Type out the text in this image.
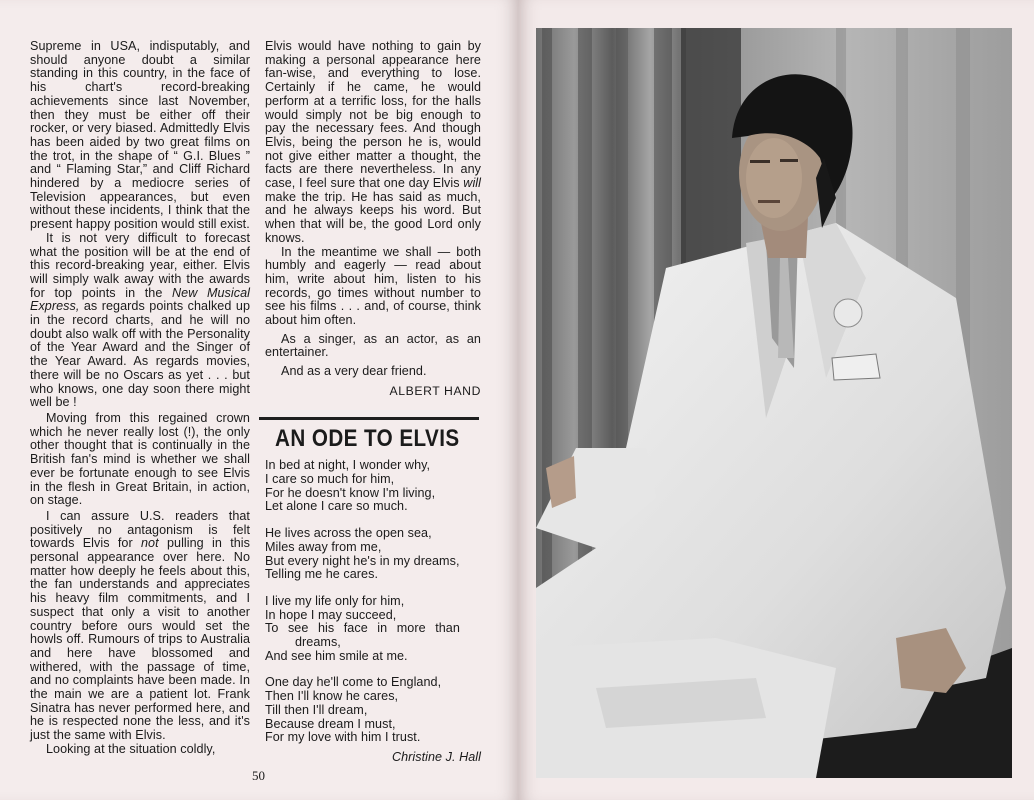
Supreme in USA, indisputably, and should anyone doubt a similar standing in this country, in the face of his chart's record-breaking achievements since last November, then they must be either off their rocker, or very biased. Admittedly Elvis has been aided by two great films on the trot, in the shape of “ G.I. Blues ” and “ Flaming Star,” and Cliff Richard hindered by a mediocre series of Television appearances, but even without these incidents, I think that the present happy position would still exist.

It is not very difficult to forecast what the position will be at the end of this record-breaking year, either. Elvis will simply walk away with the awards for top points in the New Musical Express, as regards points chalked up in the record charts, and he will no doubt also walk off with the Personality of the Year Award and the Singer of the Year Award. As regards movies, there will be no Oscars as yet . . . but who knows, one day soon there might well be !

Moving from this regained crown which he never really lost (!), the only other thought that is continually in the British fan's mind is whether we shall ever be fortunate enough to see Elvis in the flesh in Great Britain, in action, on stage.

I can assure U.S. readers that positively no antagonism is felt towards Elvis for not pulling in this personal appearance over here. No matter how deeply he feels about this, the fan understands and appreciates his heavy film commitments, and I suspect that only a visit to another country before ours would set the howls off. Rumours of trips to Australia and here have blossomed and withered, with the passage of time, and no complaints have been made. In the main we are a patient lot. Frank Sinatra has never performed here, and he is respected none the less, and it's just the same with Elvis.

Looking at the situation coldly,

Elvis would have nothing to gain by making a personal appearance here fan-wise, and everything to lose. Certainly if he came, he would perform at a terrific loss, for the halls would simply not be big enough to pay the necessary fees. And though Elvis, being the person he is, would not give either matter a thought, the facts are there nevertheless. In any case, I feel sure that one day Elvis will make the trip. He has said as much, and he always keeps his word. But when that will be, the good Lord only knows.

In the meantime we shall — both humbly and eagerly — read about him, write about him, listen to his records, go times without number to see his films . . . and, of course, think about him often.

As a singer, as an actor, as an entertainer.

And as a very dear friend.

ALBERT HAND
AN ODE TO ELVIS
In bed at night, I wonder why,
I care so much for him,
For he doesn't know I'm living,
Let alone I care so much.
He lives across the open sea,
Miles away from me,
But every night he's in my dreams,
Telling me he cares.
I live my life only for him,
In hope I may succeed,
To see his face in more than
dreams,
And see him smile at me.
One day he'll come to England,
Then I'll know he cares,
Till then I'll dream,
Because dream I must,
For my love with him I trust.
Christine J. Hall
50
